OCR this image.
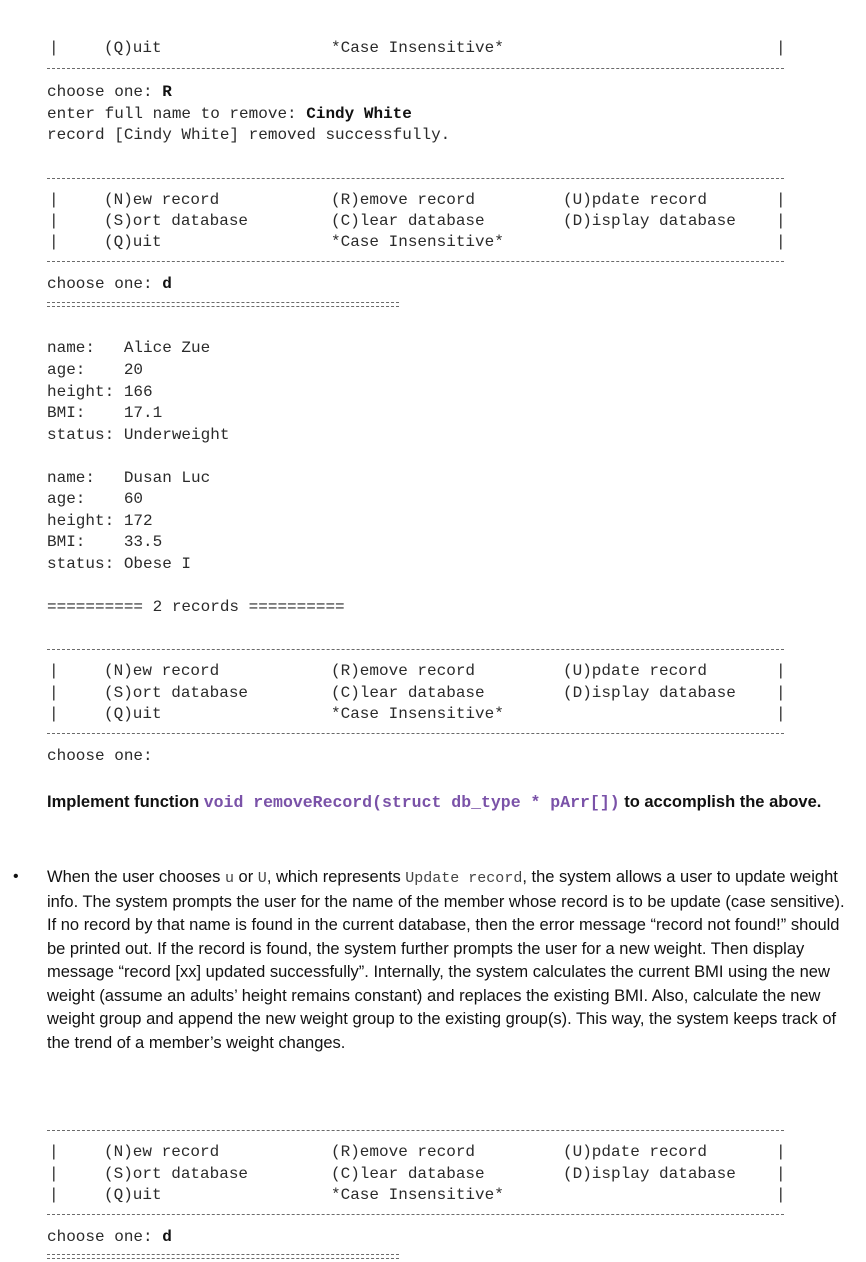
|	(Q)uit	*Case Insensitive*	|
choose one: R
enter full name to remove: Cindy White
record [Cindy White] removed successfully.
|	(N)ew record	(R)emove record	(U)pdate record	|
|	(S)ort database	(C)lear database	(D)isplay database	|
|	(Q)uit	*Case Insensitive*	|
choose one: d
name:   Alice Zue
age:    20
height: 166
BMI:    17.1
status: Underweight
name:   Dusan Luc
age:    60
height: 172
BMI:    33.5
status: Obese I
========== 2 records ==========
|	(N)ew record	(R)emove record	(U)pdate record	|
|	(S)ort database	(C)lear database	(D)isplay database	|
|	(Q)uit	*Case Insensitive*	|
choose one:
Implement function void removeRecord(struct db_type * pArr[]) to accomplish the above.
• When the user chooses u or U, which represents Update record, the system allows a user to update weight info. The system prompts the user for the name of the member whose record is to be update (case sensitive). If no record by that name is found in the current database, then the error message “record not found!” should be printed out. If the record is found, the system further prompts the user for a new weight. Then display message “record [xx] updated successfully”. Internally, the system calculates the current BMI using the new weight (assume an adults’ height remains constant) and replaces the existing BMI. Also, calculate the new weight group and append the new weight group to the existing group(s). This way, the system keeps track of the trend of a member’s weight changes.
|	(N)ew record	(R)emove record	(U)pdate record	|
|	(S)ort database	(C)lear database	(D)isplay database	|
|	(Q)uit	*Case Insensitive*	|
choose one: d
